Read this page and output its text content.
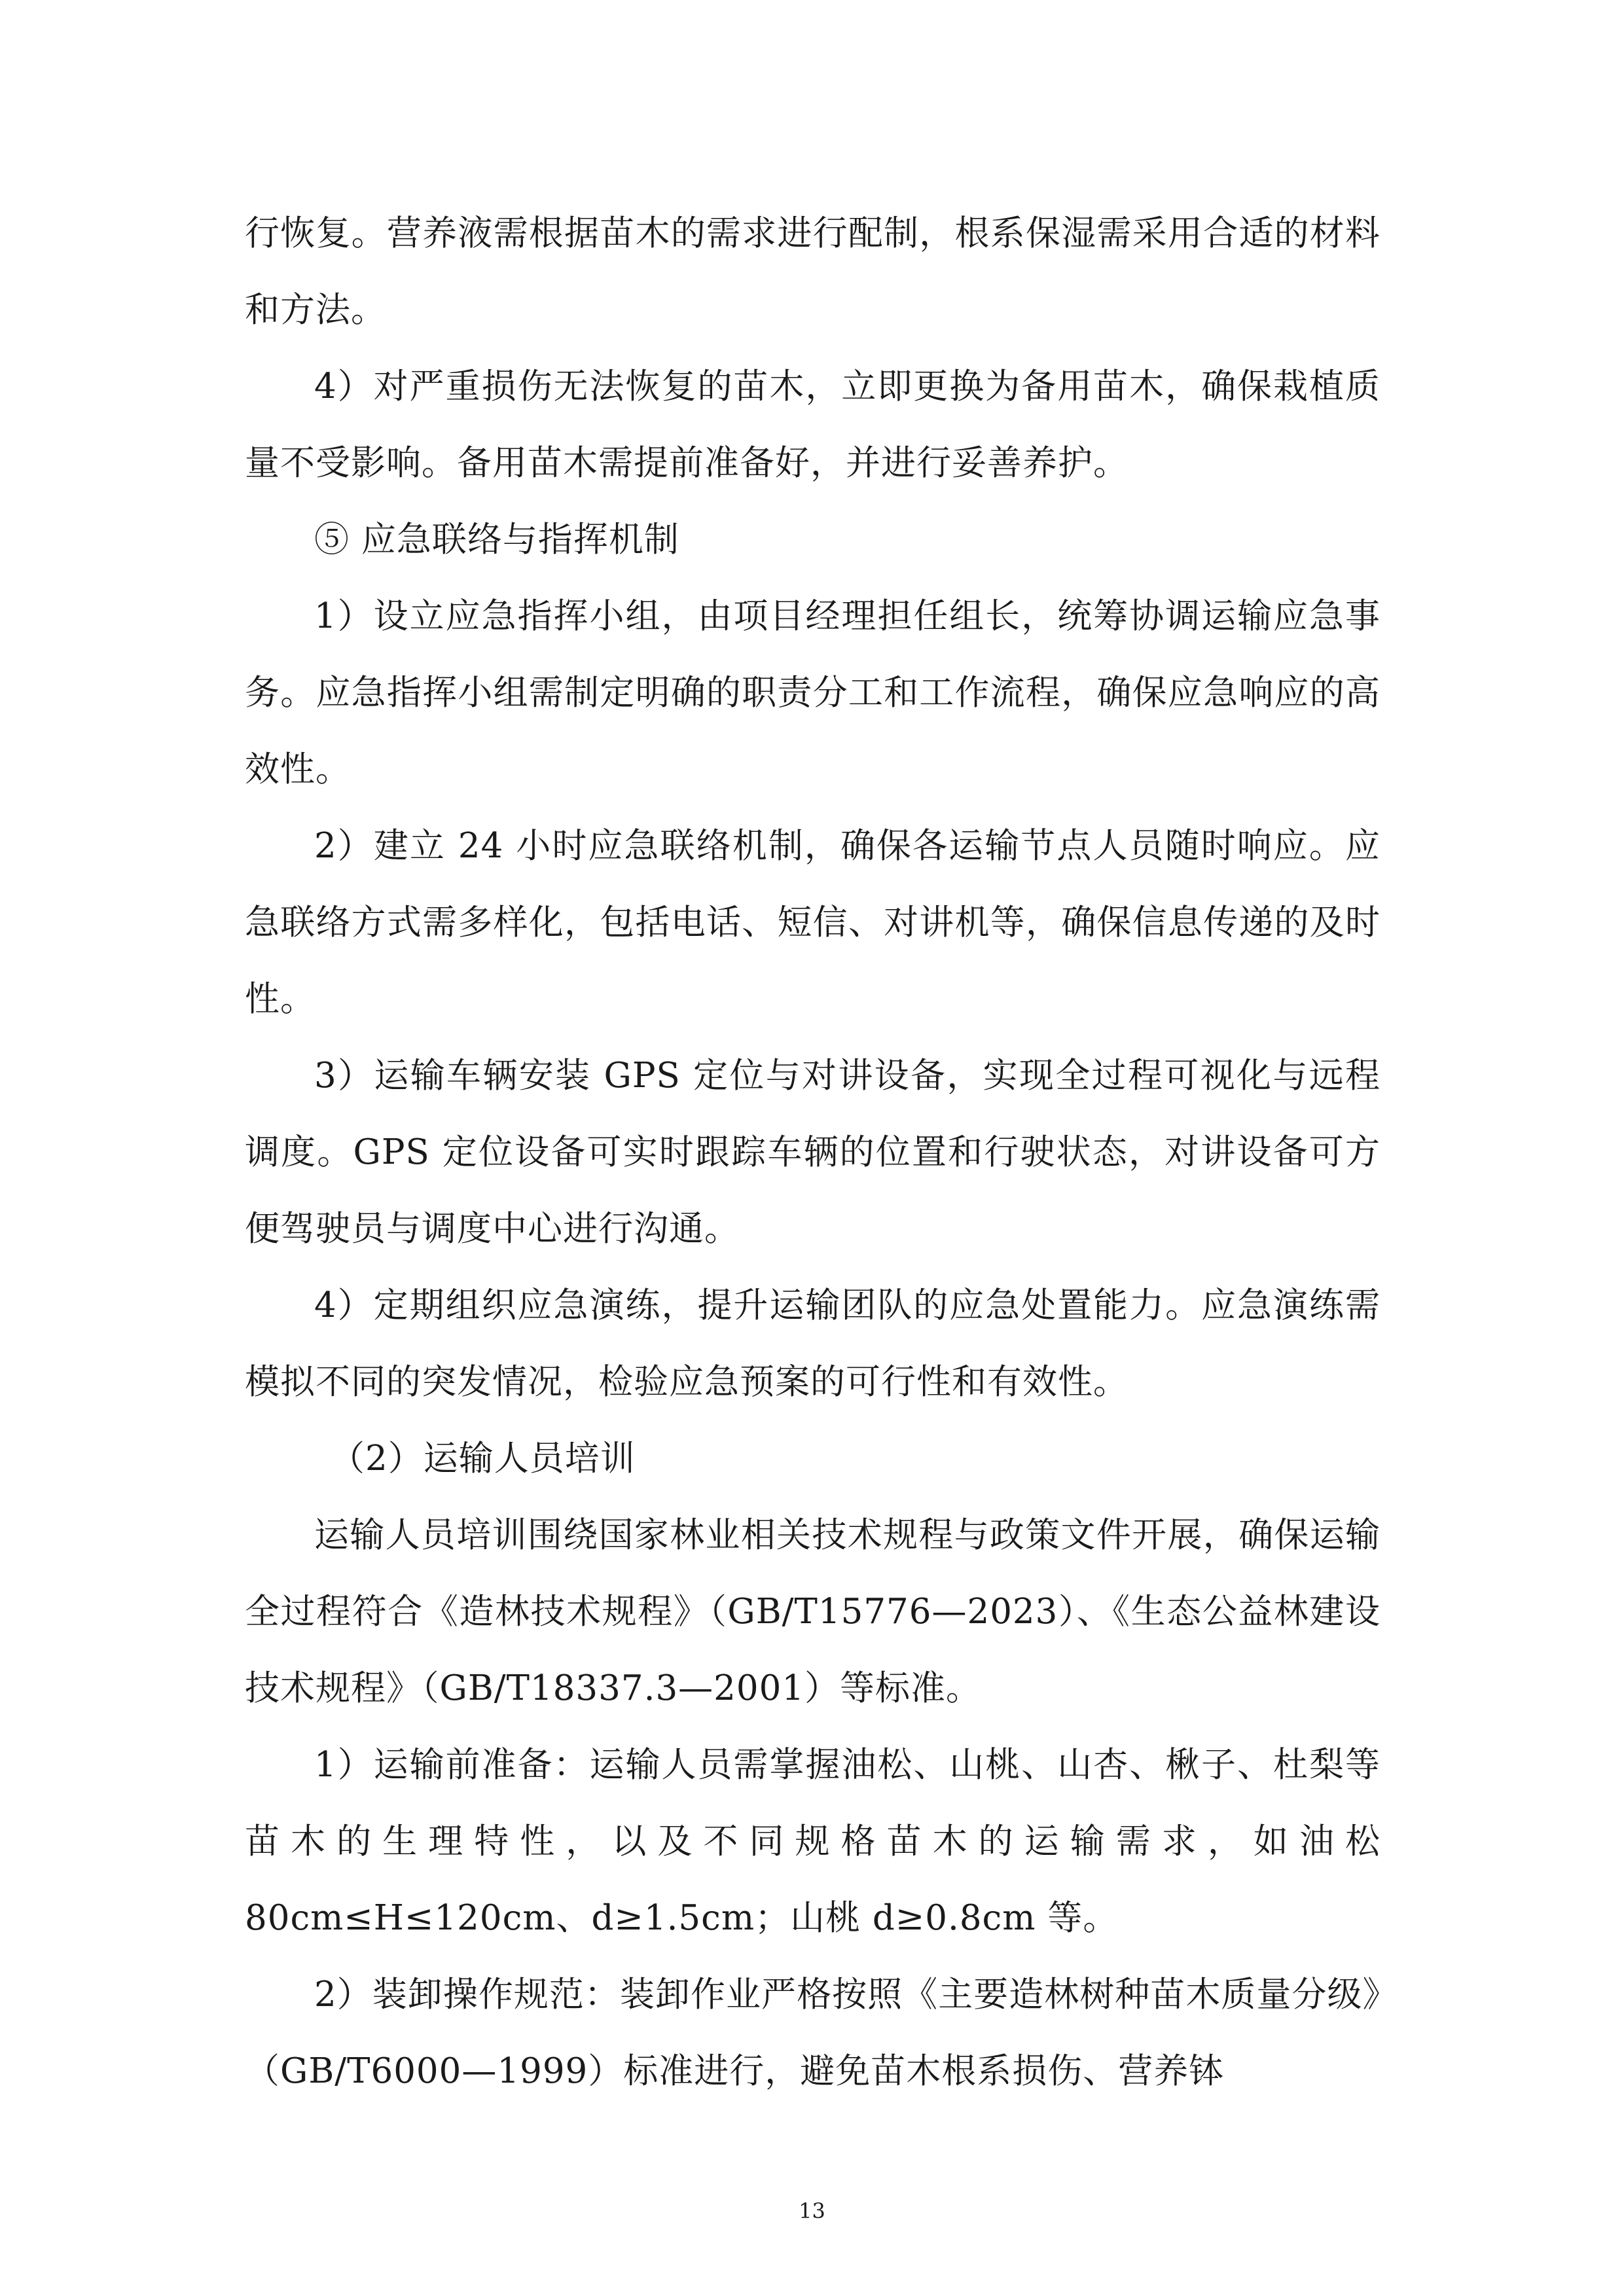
行恢复。营养液需根据苗木的需求进行配制，根系保湿需采用合适的材料和方法。

4）对严重损伤无法恢复的苗木，立即更换为备用苗木，确保栽植质量不受影响。备用苗木需提前准备好，并进行妥善养护。

⑤ 应急联络与指挥机制

1）设立应急指挥小组，由项目经理担任组长，统筹协调运输应急事务。应急指挥小组需制定明确的职责分工和工作流程，确保应急响应的高效性。

2）建立 24 小时应急联络机制，确保各运输节点人员随时响应。应急联络方式需多样化，包括电话、短信、对讲机等，确保信息传递的及时性。

3）运输车辆安装 GPS 定位与对讲设备，实现全过程可视化与远程调度。GPS 定位设备可实时跟踪车辆的位置和行驶状态，对讲设备可方便驾驶员与调度中心进行沟通。

4）定期组织应急演练，提升运输团队的应急处置能力。应急演练需模拟不同的突发情况，检验应急预案的可行性和有效性。

（2）运输人员培训

运输人员培训围绕国家林业相关技术规程与政策文件开展，确保运输全过程符合《造林技术规程》（GB/T15776—2023）、《生态公益林建设技术规程》（GB/T18337.3—2001）等标准。

1）运输前准备：运输人员需掌握油松、山桃、山杏、楸子、杜梨等苗木的生理特性，以及不同规格苗木的运输需求，如油松 80cm≤H≤120cm、d≥1.5cm；山桃 d≥0.8cm 等。

2）装卸操作规范：装卸作业严格按照《主要造林树种苗木质量分级》（GB/T6000—1999）标准进行，避免苗木根系损伤、营养钵

13
